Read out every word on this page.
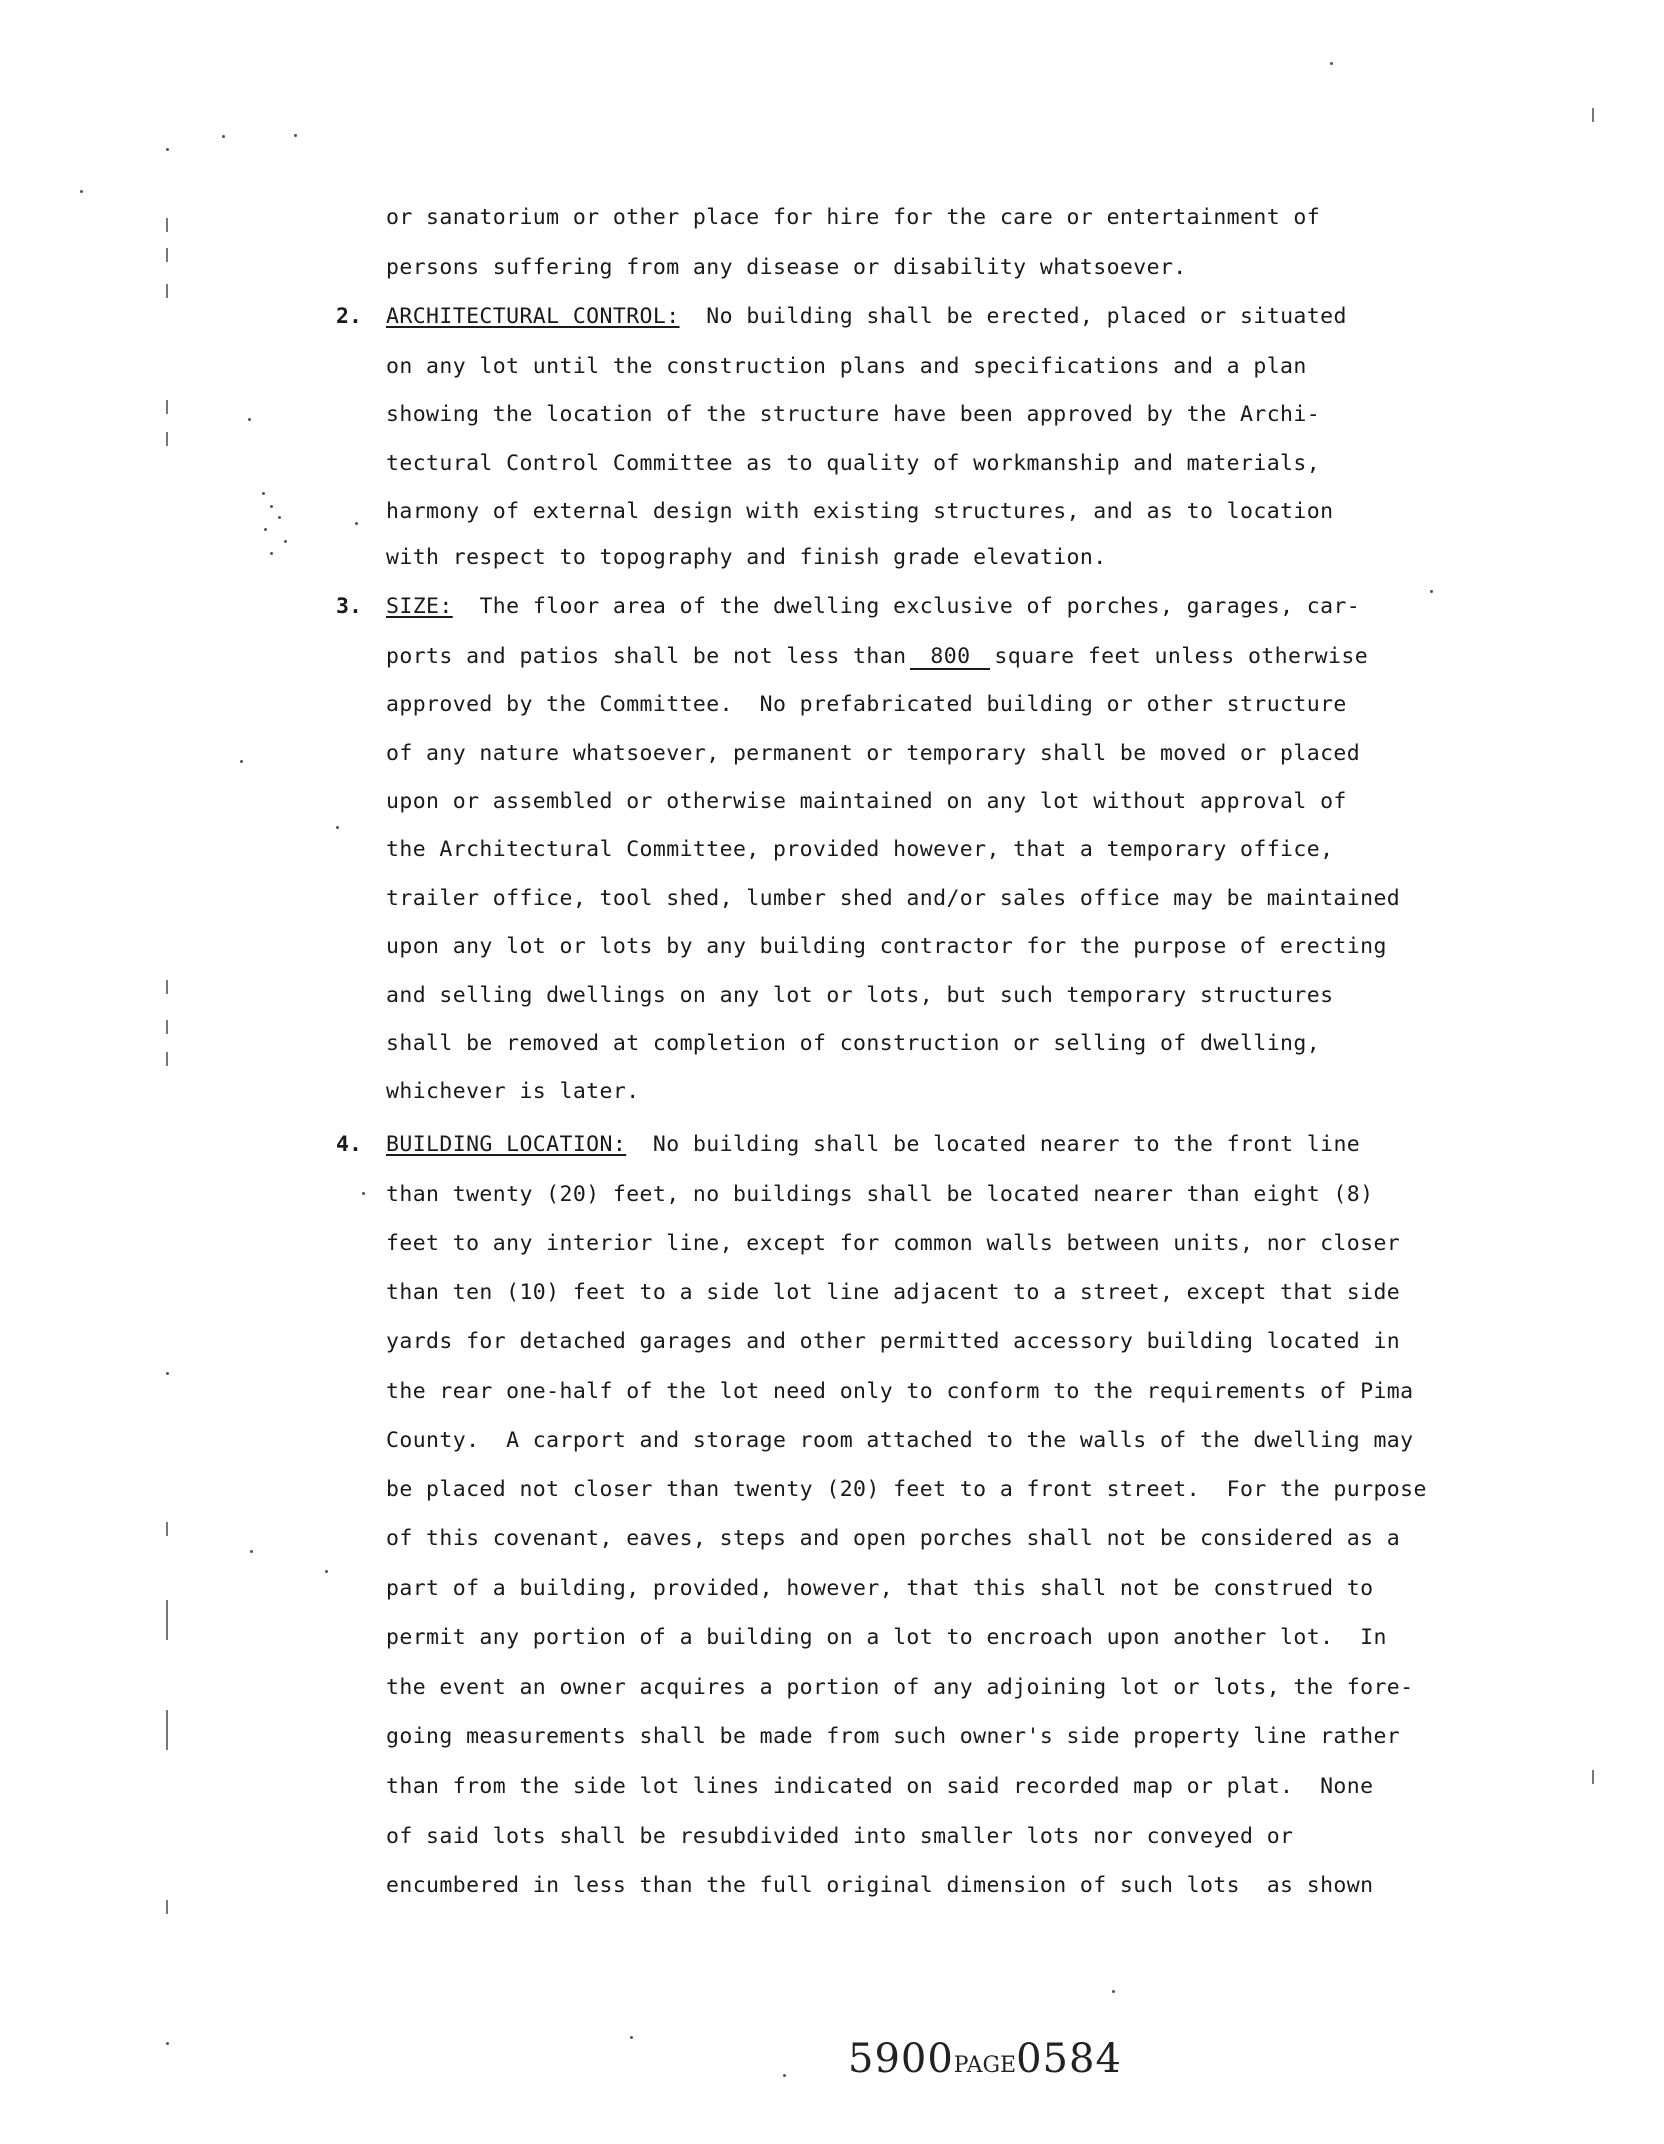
or sanatorium or other place for hire for the care or entertainment of
persons suffering from any disease or disability whatsoever.
2. ARCHITECTURAL CONTROL: No building shall be erected, placed or situated
on any lot until the construction plans and specifications and a plan
showing the location of the structure have been approved by the Archi-
tectural Control Committee as to quality of workmanship and materials,
harmony of external design with existing structures, and as to location
with respect to topography and finish grade elevation.
3. SIZE: The floor area of the dwelling exclusive of porches, garages, car-
ports and patios shall be not less than 800 square feet unless otherwise
approved by the Committee.  No prefabricated building or other structure
of any nature whatsoever, permanent or temporary shall be moved or placed
upon or assembled or otherwise maintained on any lot without approval of
the Architectural Committee, provided however, that a temporary office,
trailer office, tool shed, lumber shed and/or sales office may be maintained
upon any lot or lots by any building contractor for the purpose of erecting
and selling dwellings on any lot or lots, but such temporary structures
shall be removed at completion of construction or selling of dwelling,
whichever is later.
4. BUILDING LOCATION: No building shall be located nearer to the front line
than twenty (20) feet, no buildings shall be located nearer than eight (8)
feet to any interior line, except for common walls between units, nor closer
than ten (10) feet to a side lot line adjacent to a street, except that side
yards for detached garages and other permitted accessory building located in
the rear one-half of the lot need only to conform to the requirements of Pima
County.  A carport and storage room attached to the walls of the dwelling may
be placed not closer than twenty (20) feet to a front street.  For the purpose
of this covenant, eaves, steps and open porches shall not be considered as a
part of a building, provided, however, that this shall not be construed to
permit any portion of a building on a lot to encroach upon another lot.  In
the event an owner acquires a portion of any adjoining lot or lots, the fore-
going measurements shall be made from such owner's side property line rather
than from the side lot lines indicated on said recorded map or plat.  None
of said lots shall be resubdivided into smaller lots nor conveyed or
encumbered in less than the full original dimension of such lots  as shown
5900PAGE0584
